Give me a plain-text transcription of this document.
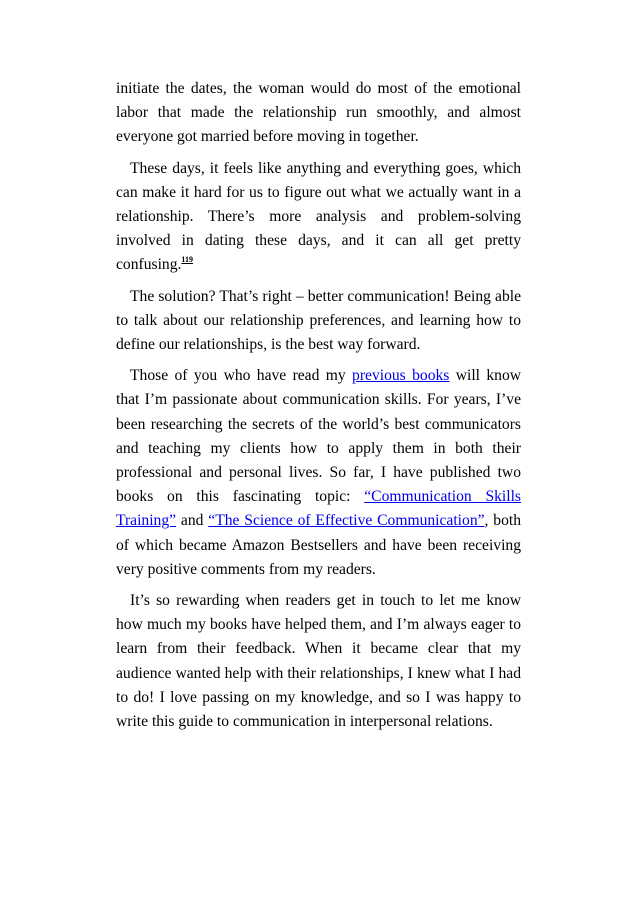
initiate the dates, the woman would do most of the emotional labor that made the relationship run smoothly, and almost everyone got married before moving in together.

These days, it feels like anything and everything goes, which can make it hard for us to figure out what we actually want in a relationship. There’s more analysis and problem-solving involved in dating these days, and it can all get pretty confusing.$^{119}$

The solution? That’s right – better communication! Being able to talk about our relationship preferences, and learning how to define our relationships, is the best way forward.

Those of you who have read my previous books will know that I’m passionate about communication skills. For years, I’ve been researching the secrets of the world’s best communicators and teaching my clients how to apply them in both their professional and personal lives. So far, I have published two books on this fascinating topic: “Communication Skills Training” and “The Science of Effective Communication”, both of which became Amazon Bestsellers and have been receiving very positive comments from my readers.

It’s so rewarding when readers get in touch to let me know how much my books have helped them, and I’m always eager to learn from their feedback. When it became clear that my audience wanted help with their relationships, I knew what I had to do! I love passing on my knowledge, and so I was happy to write this guide to communication in interpersonal relations.
